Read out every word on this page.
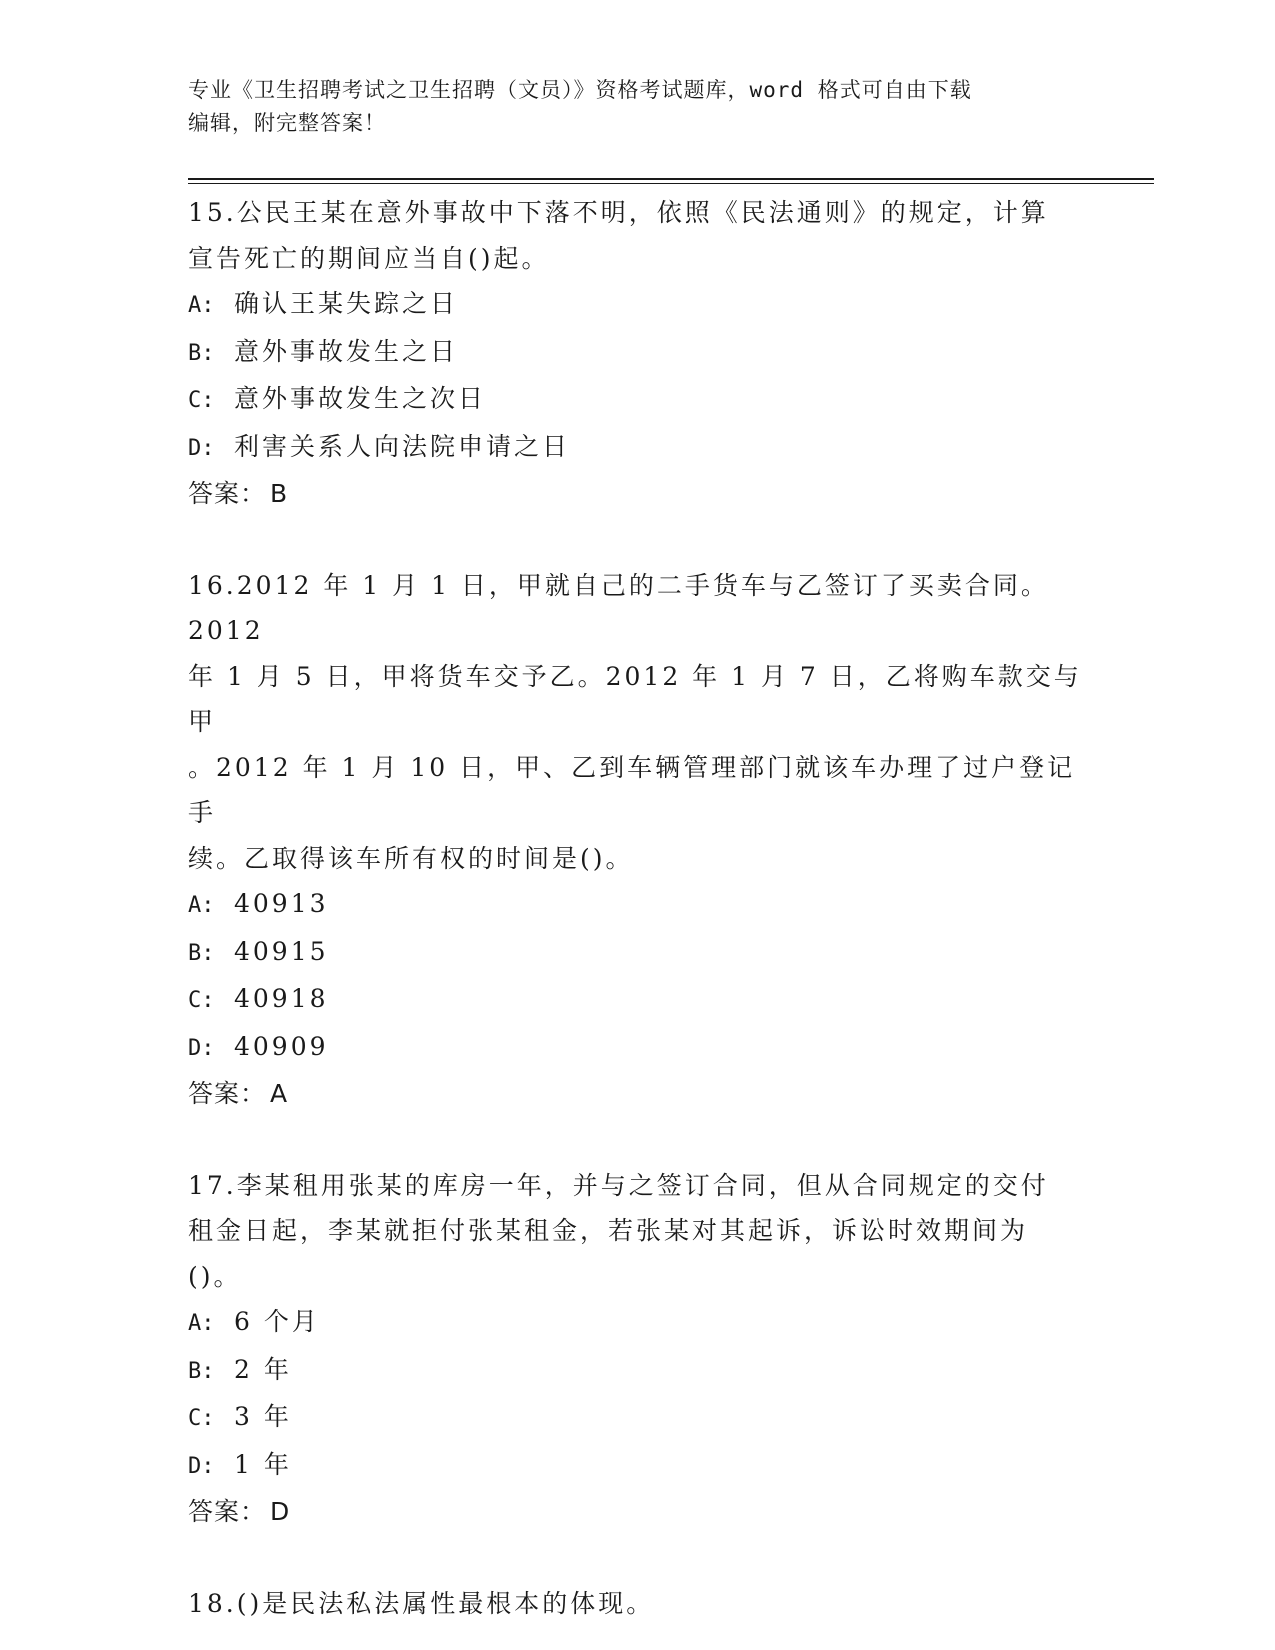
专业《卫生招聘考试之卫生招聘（文员）》资格考试题库，word 格式可自由下载
编辑，附完整答案！
15.公民王某在意外事故中下落不明，依照《民法通则》的规定，计算
宣告死亡的期间应当自()起。
A: 确认王某失踪之日
B: 意外事故发生之日
C: 意外事故发生之次日
D: 利害关系人向法院申请之日
答案： B
16.2012 年 1 月 1 日，甲就自己的二手货车与乙签订了买卖合同。2012
年 1 月 5 日，甲将货车交予乙。2012 年 1 月 7 日，乙将购车款交与甲
。2012 年 1 月 10 日，甲、乙到车辆管理部门就该车办理了过户登记手
续。乙取得该车所有权的时间是()。
A: 40913
B: 40915
C: 40918
D: 40909
答案： A
17.李某租用张某的库房一年，并与之签订合同，但从合同规定的交付
租金日起，李某就拒付张某租金，若张某对其起诉，诉讼时效期间为
()。
A: 6 个月
B: 2 年
C: 3 年
D: 1 年
答案： D
18.()是民法私法属性最根本的体现。
